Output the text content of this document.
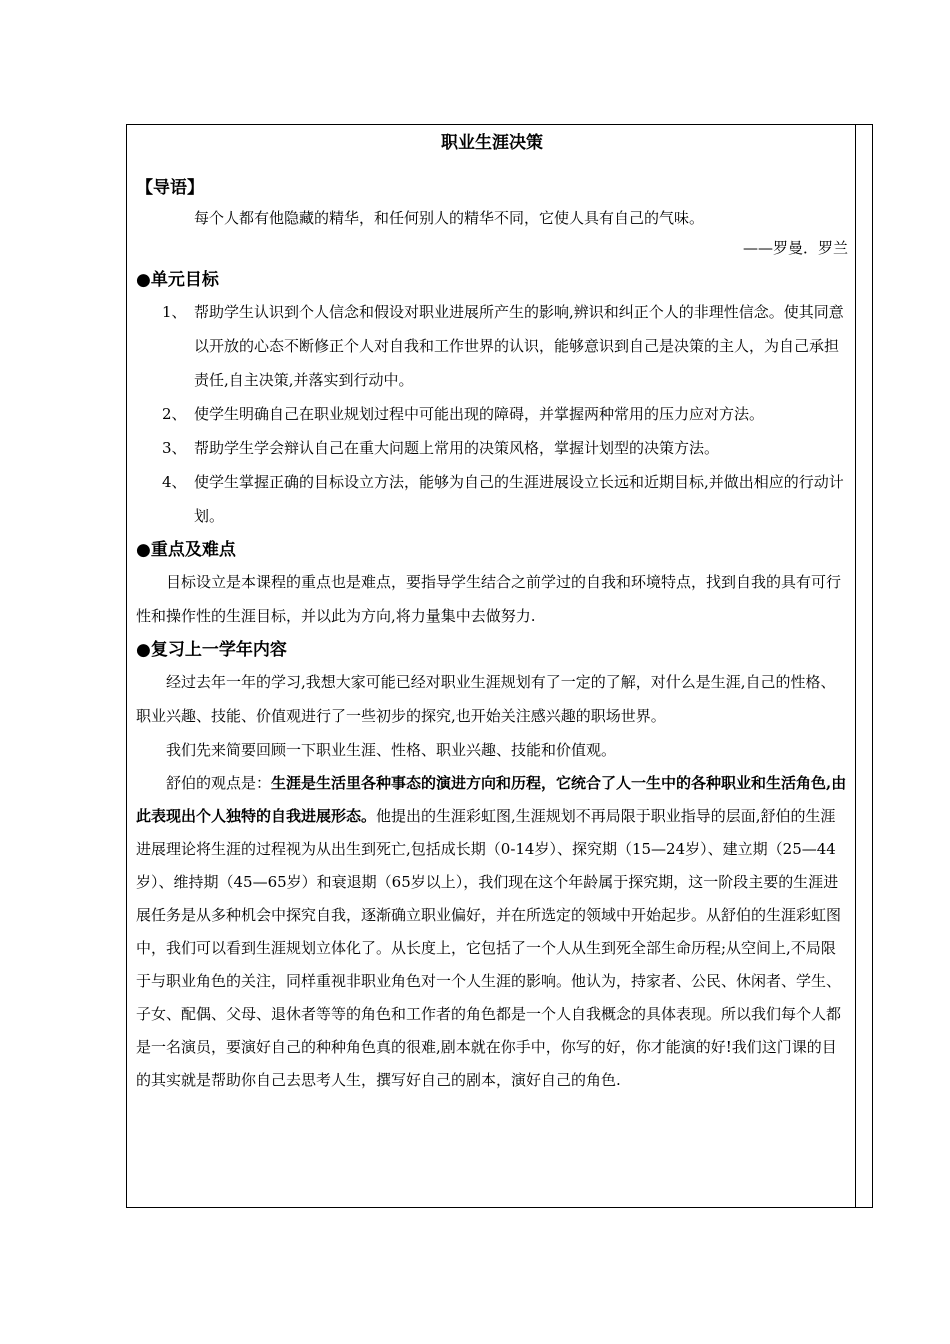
职业生涯决策
【导语】
每个人都有他隐藏的精华，和任何别人的精华不同，它使人具有自己的气味。
——罗曼．罗兰
●单元目标
1、 帮助学生认识到个人信念和假设对职业进展所产生的影响,辨识和纠正个人的非理性信念。使其同意以开放的心态不断修正个人对自我和工作世界的认识，能够意识到自己是决策的主人，为自己承担责任,自主决策,并落实到行动中。
2、 使学生明确自己在职业规划过程中可能出现的障碍，并掌握两种常用的压力应对方法。
3、 帮助学生学会辩认自己在重大问题上常用的决策风格，掌握计划型的决策方法。
4、 使学生掌握正确的目标设立方法，能够为自己的生涯进展设立长远和近期目标,并做出相应的行动计划。
●重点及难点
目标设立是本课程的重点也是难点，要指导学生结合之前学过的自我和环境特点，找到自我的具有可行性和操作性的生涯目标，并以此为方向,将力量集中去做努力.
●复习上一学年内容
经过去年一年的学习,我想大家可能已经对职业生涯规划有了一定的了解，对什么是生涯,自己的性格、职业兴趣、技能、价值观进行了一些初步的探究,也开始关注感兴趣的职场世界。
我们先来简要回顾一下职业生涯、性格、职业兴趣、技能和价值观。
舒伯的观点是：生涯是生活里各种事态的演进方向和历程，它统合了人一生中的各种职业和生活角色,由此表现出个人独特的自我进展形态。他提出的生涯彩虹图,生涯规划不再局限于职业指导的层面,舒伯的生涯进展理论将生涯的过程视为从出生到死亡,包括成长期（0-14岁）、探究期（15—24岁）、建立期（25—44岁）、维持期（45—65岁）和衰退期（65岁以上），我们现在这个年龄属于探究期，这一阶段主要的生涯进展任务是从多种机会中探究自我，逐渐确立职业偏好，并在所选定的领域中开始起步。从舒伯的生涯彩虹图中，我们可以看到生涯规划立体化了。从长度上，它包括了一个人从生到死全部生命历程;从空间上,不局限于与职业角色的关注，同样重视非职业角色对一个人生涯的影响。他认为，持家者、公民、休闲者、学生、子女、配偶、父母、退休者等等的角色和工作者的角色都是一个人自我概念的具体表现。所以我们每个人都是一名演员，要演好自己的种种角色真的很难,剧本就在你手中，你写的好，你才能演的好!我们这门课的目的其实就是帮助你自己去思考人生，撰写好自己的剧本，演好自己的角色.
